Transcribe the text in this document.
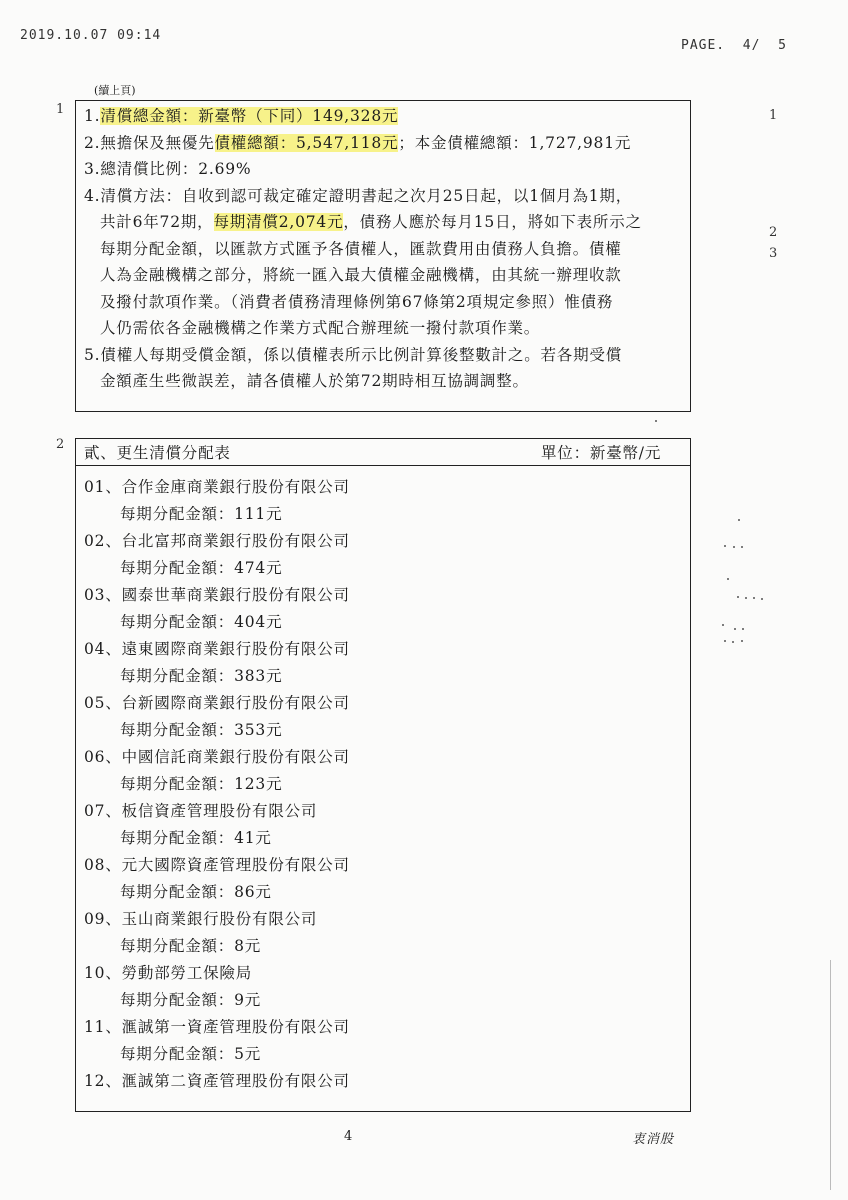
2019.10.07 09:14
PAGE.  4/  5
(續上頁)
1	1
2
3
2
1.清償總金額：新臺幣（下同）149,328元
2.無擔保及無優先債權總額：5,547,118元；本金債權總額：1,727,981元
3.總清償比例：2.69%
4.清償方法：自收到認可裁定確定證明書起之次月25日起，以1個月為1期，
共計6年72期，每期清償2,074元，債務人應於每月15日，將如下表所示之
每期分配金額，以匯款方式匯予各債權人，匯款費用由債務人負擔。債權
人為金融機構之部分，將統一匯入最大債權金融機構，由其統一辦理收款
及撥付款項作業。（消費者債務清理條例第67條第2項規定參照）惟債務
人仍需依各金融機構之作業方式配合辦理統一撥付款項作業。
5.債權人每期受償金額，係以債權表所示比例計算後整數計之。若各期受償
金額產生些微誤差，請各債權人於第72期時相互協調調整。
貳、更生清償分配表	單位：新臺幣/元
01、合作金庫商業銀行股份有限公司
每期分配金額：111元
02、台北富邦商業銀行股份有限公司
每期分配金額：474元
03、國泰世華商業銀行股份有限公司
每期分配金額：404元
04、遠東國際商業銀行股份有限公司
每期分配金額：383元
05、台新國際商業銀行股份有限公司
每期分配金額：353元
06、中國信託商業銀行股份有限公司
每期分配金額：123元
07、板信資產管理股份有限公司
每期分配金額：41元
08、元大國際資產管理股份有限公司
每期分配金額：86元
09、玉山商業銀行股份有限公司
每期分配金額：8元
10、勞動部勞工保險局
每期分配金額：9元
11、滙誠第一資產管理股份有限公司
每期分配金額：5元
12、滙誠第二資產管理股份有限公司
4	衷消股
